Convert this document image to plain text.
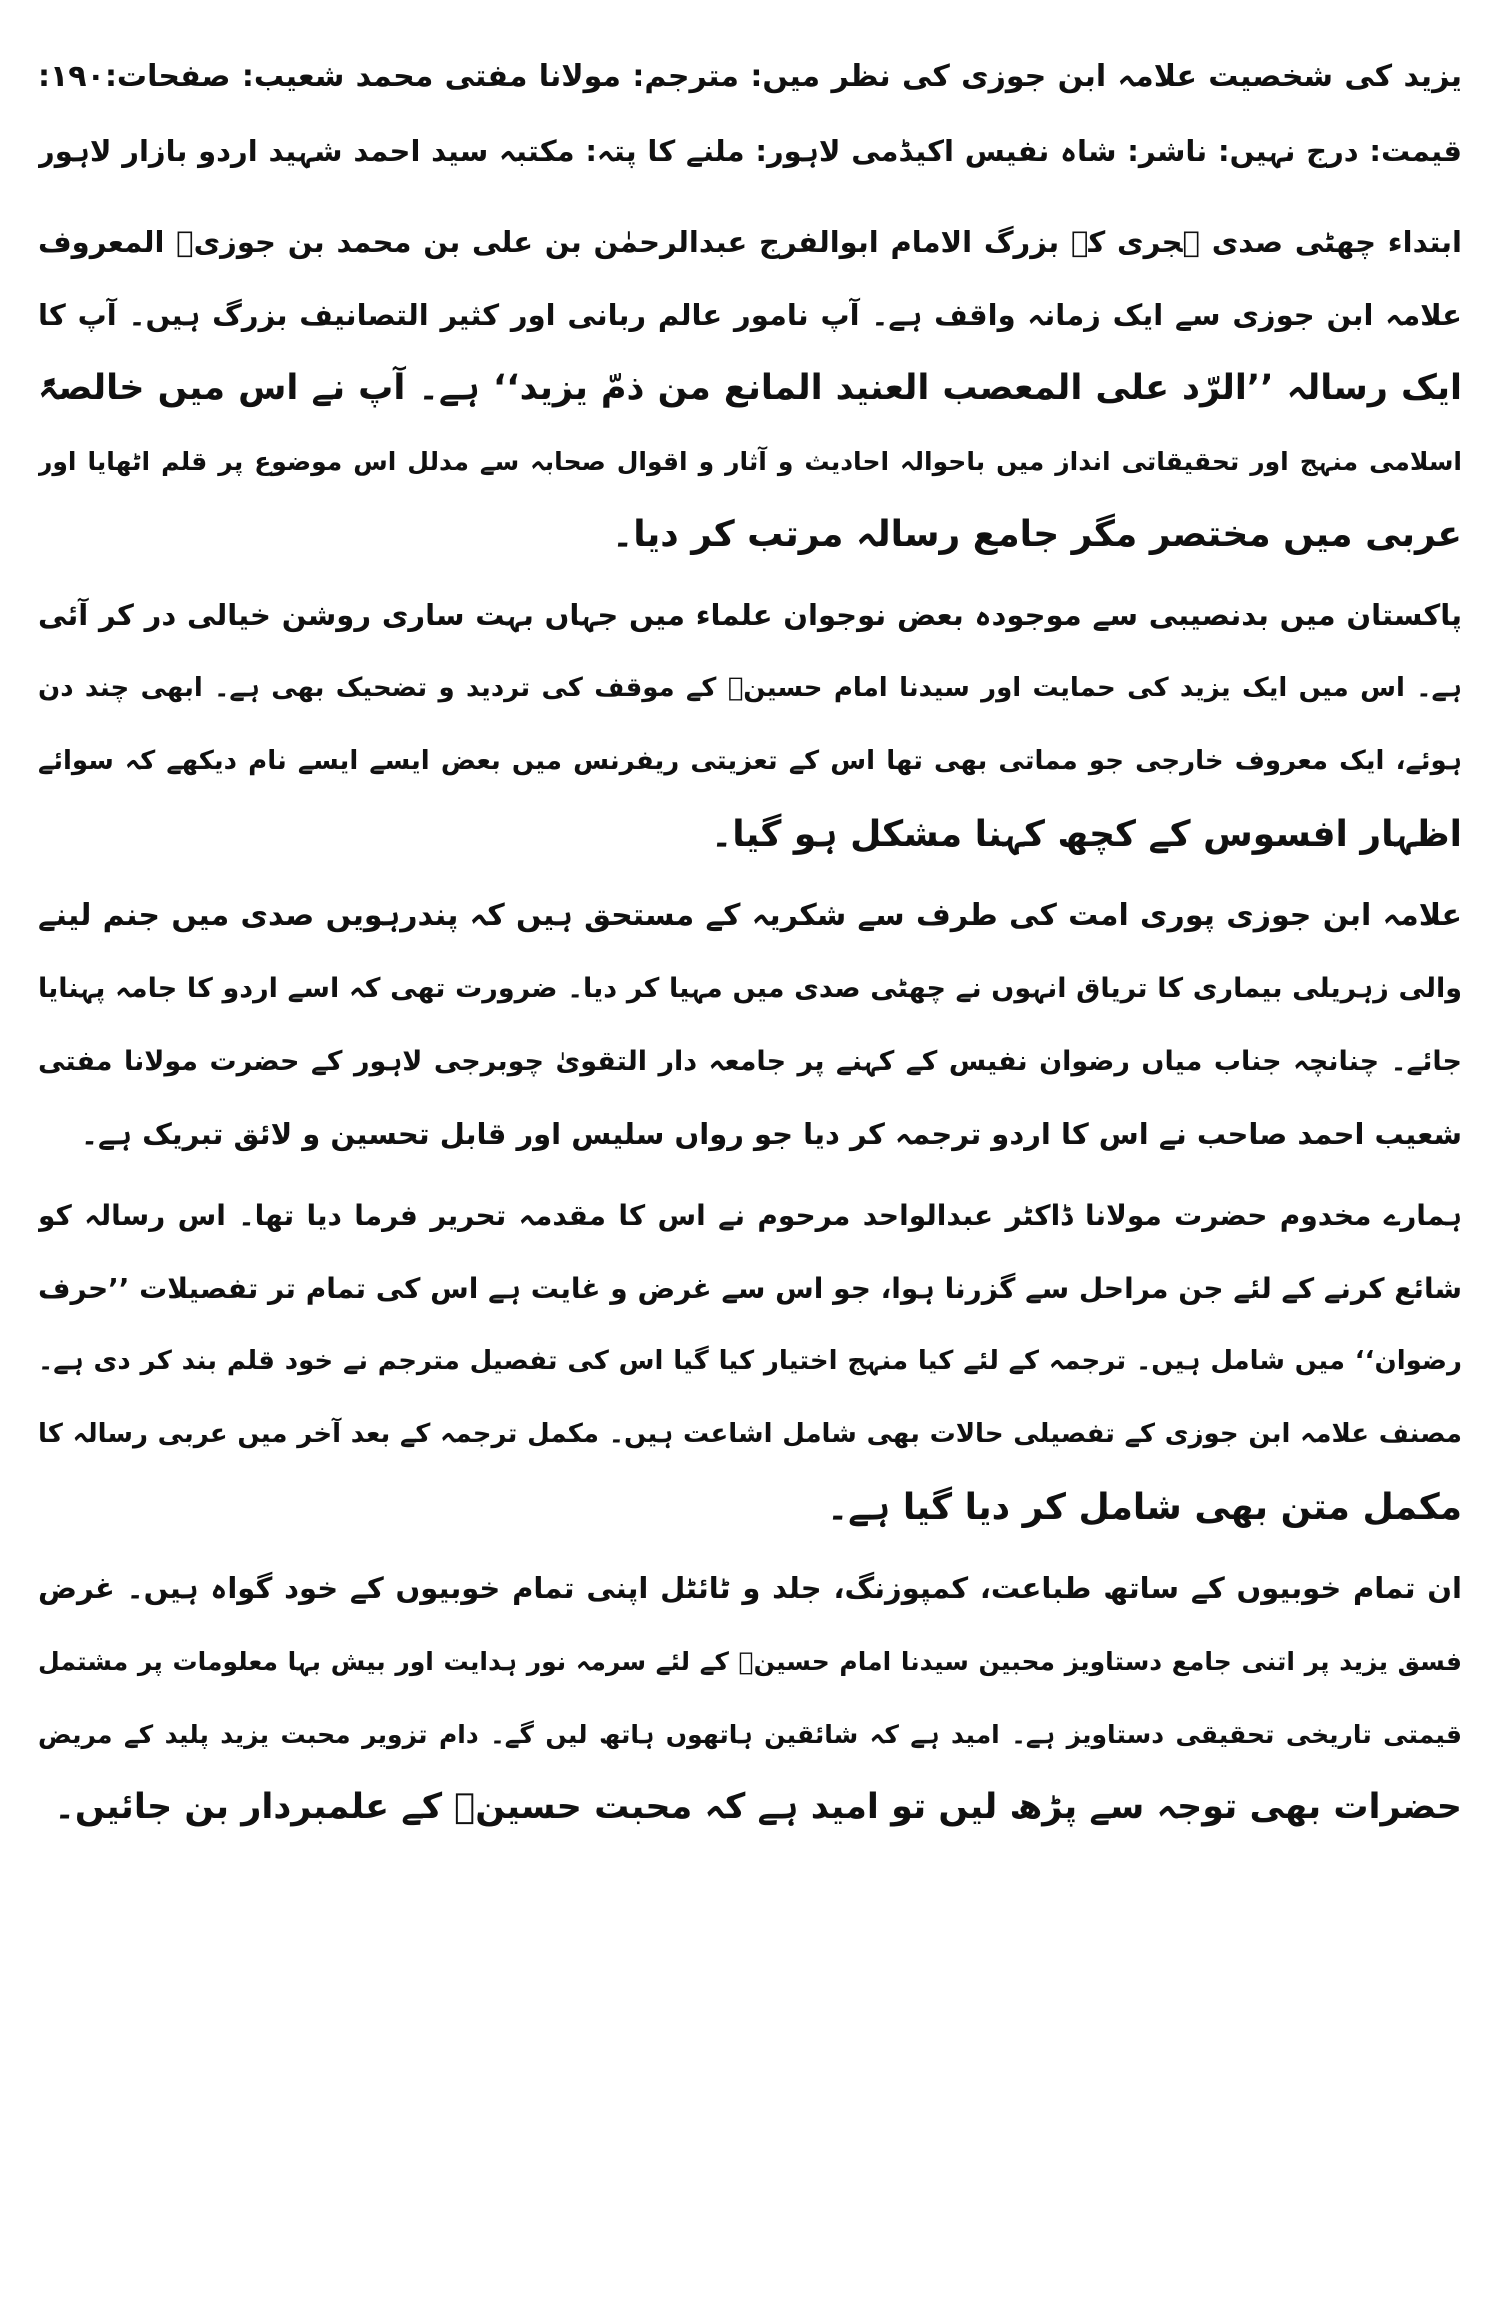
یزید کی شخصیت علامہ ابن جوزی کی نظر میں: مترجم: مولانا مفتی محمد شعیب: صفحات:۱۹۰:
قیمت: درج نہیں: ناشر: شاہ نفیس اکیڈمی لاہور: ملنے کا پتہ: مکتبہ سید احمد شہید اردو بازار لاہور
ابتداء چھٹی صدی ہجری کے بزرگ الامام ابوالفرج عبدالرحمٰن بن علی بن محمد بن جوزیؒ المعروف
علامہ ابن جوزی سے ایک زمانہ واقف ہے۔ آپ نامور عالم ربانی اور کثیر التصانیف بزرگ ہیں۔ آپ کا
ایک رسالہ ’’الرّد علی المعصب العنید المانع من ذمّ یزید‘‘ ہے۔ آپ نے اس میں خالصۃً
اسلامی منہج اور تحقیقاتی انداز میں باحوالہ احادیث و آثار و اقوال صحابہ سے مدلل اس موضوع پر قلم اٹھایا اور
عربی میں مختصر مگر جامع رسالہ مرتب کر دیا۔
پاکستان میں بدنصیبی سے موجودہ بعض نوجوان علماء میں جہاں بہت ساری روشن خیالی در کر آئی
ہے۔ اس میں ایک یزید کی حمایت اور سیدنا امام حسینؓ کے موقف کی تردید و تضحیک بھی ہے۔ ابھی چند دن
ہوئے، ایک معروف خارجی جو مماتی بھی تھا اس کے تعزیتی ریفرنس میں بعض ایسے ایسے نام دیکھے کہ سوائے
اظہار افسوس کے کچھ کہنا مشکل ہو گیا۔
علامہ ابن جوزی پوری امت کی طرف سے شکریہ کے مستحق ہیں کہ پندرہویں صدی میں جنم لینے
والی زہریلی بیماری کا تریاق انہوں نے چھٹی صدی میں مہیا کر دیا۔ ضرورت تھی کہ اسے اردو کا جامہ پہنایا
جائے۔ چنانچہ جناب میاں رضوان نفیس کے کہنے پر جامعہ دار التقویٰ چوبرجی لاہور کے حضرت مولانا مفتی
شعیب احمد صاحب نے اس کا اردو ترجمہ کر دیا جو رواں سلیس اور قابل تحسین و لائق تبریک ہے۔
ہمارے مخدوم حضرت مولانا ڈاکٹر عبدالواحد مرحوم نے اس کا مقدمہ تحریر فرما دیا تھا۔ اس رسالہ کو
شائع کرنے کے لئے جن مراحل سے گزرنا ہوا، جو اس سے غرض و غایت ہے اس کی تمام تر تفصیلات ’’حرف
رضوان‘‘ میں شامل ہیں۔ ترجمہ کے لئے کیا منہج اختیار کیا گیا اس کی تفصیل مترجم نے خود قلم بند کر دی ہے۔
مصنف علامہ ابن جوزی کے تفصیلی حالات بھی شامل اشاعت ہیں۔ مکمل ترجمہ کے بعد آخر میں عربی رسالہ کا
مکمل متن بھی شامل کر دیا گیا ہے۔
ان تمام خوبیوں کے ساتھ طباعت، کمپوزنگ، جلد و ٹائٹل اپنی تمام خوبیوں کے خود گواہ ہیں۔ غرض
فسق یزید پر اتنی جامع دستاویز محبین سیدنا امام حسینؓ کے لئے سرمہ نور ہدایت اور بیش بہا معلومات پر مشتمل
قیمتی تاریخی تحقیقی دستاویز ہے۔ امید ہے کہ شائقین ہاتھوں ہاتھ لیں گے۔ دام تزویر محبت یزید پلید کے مریض
حضرات بھی توجہ سے پڑھ لیں تو امید ہے کہ محبت حسینؓ کے علمبردار بن جائیں۔
